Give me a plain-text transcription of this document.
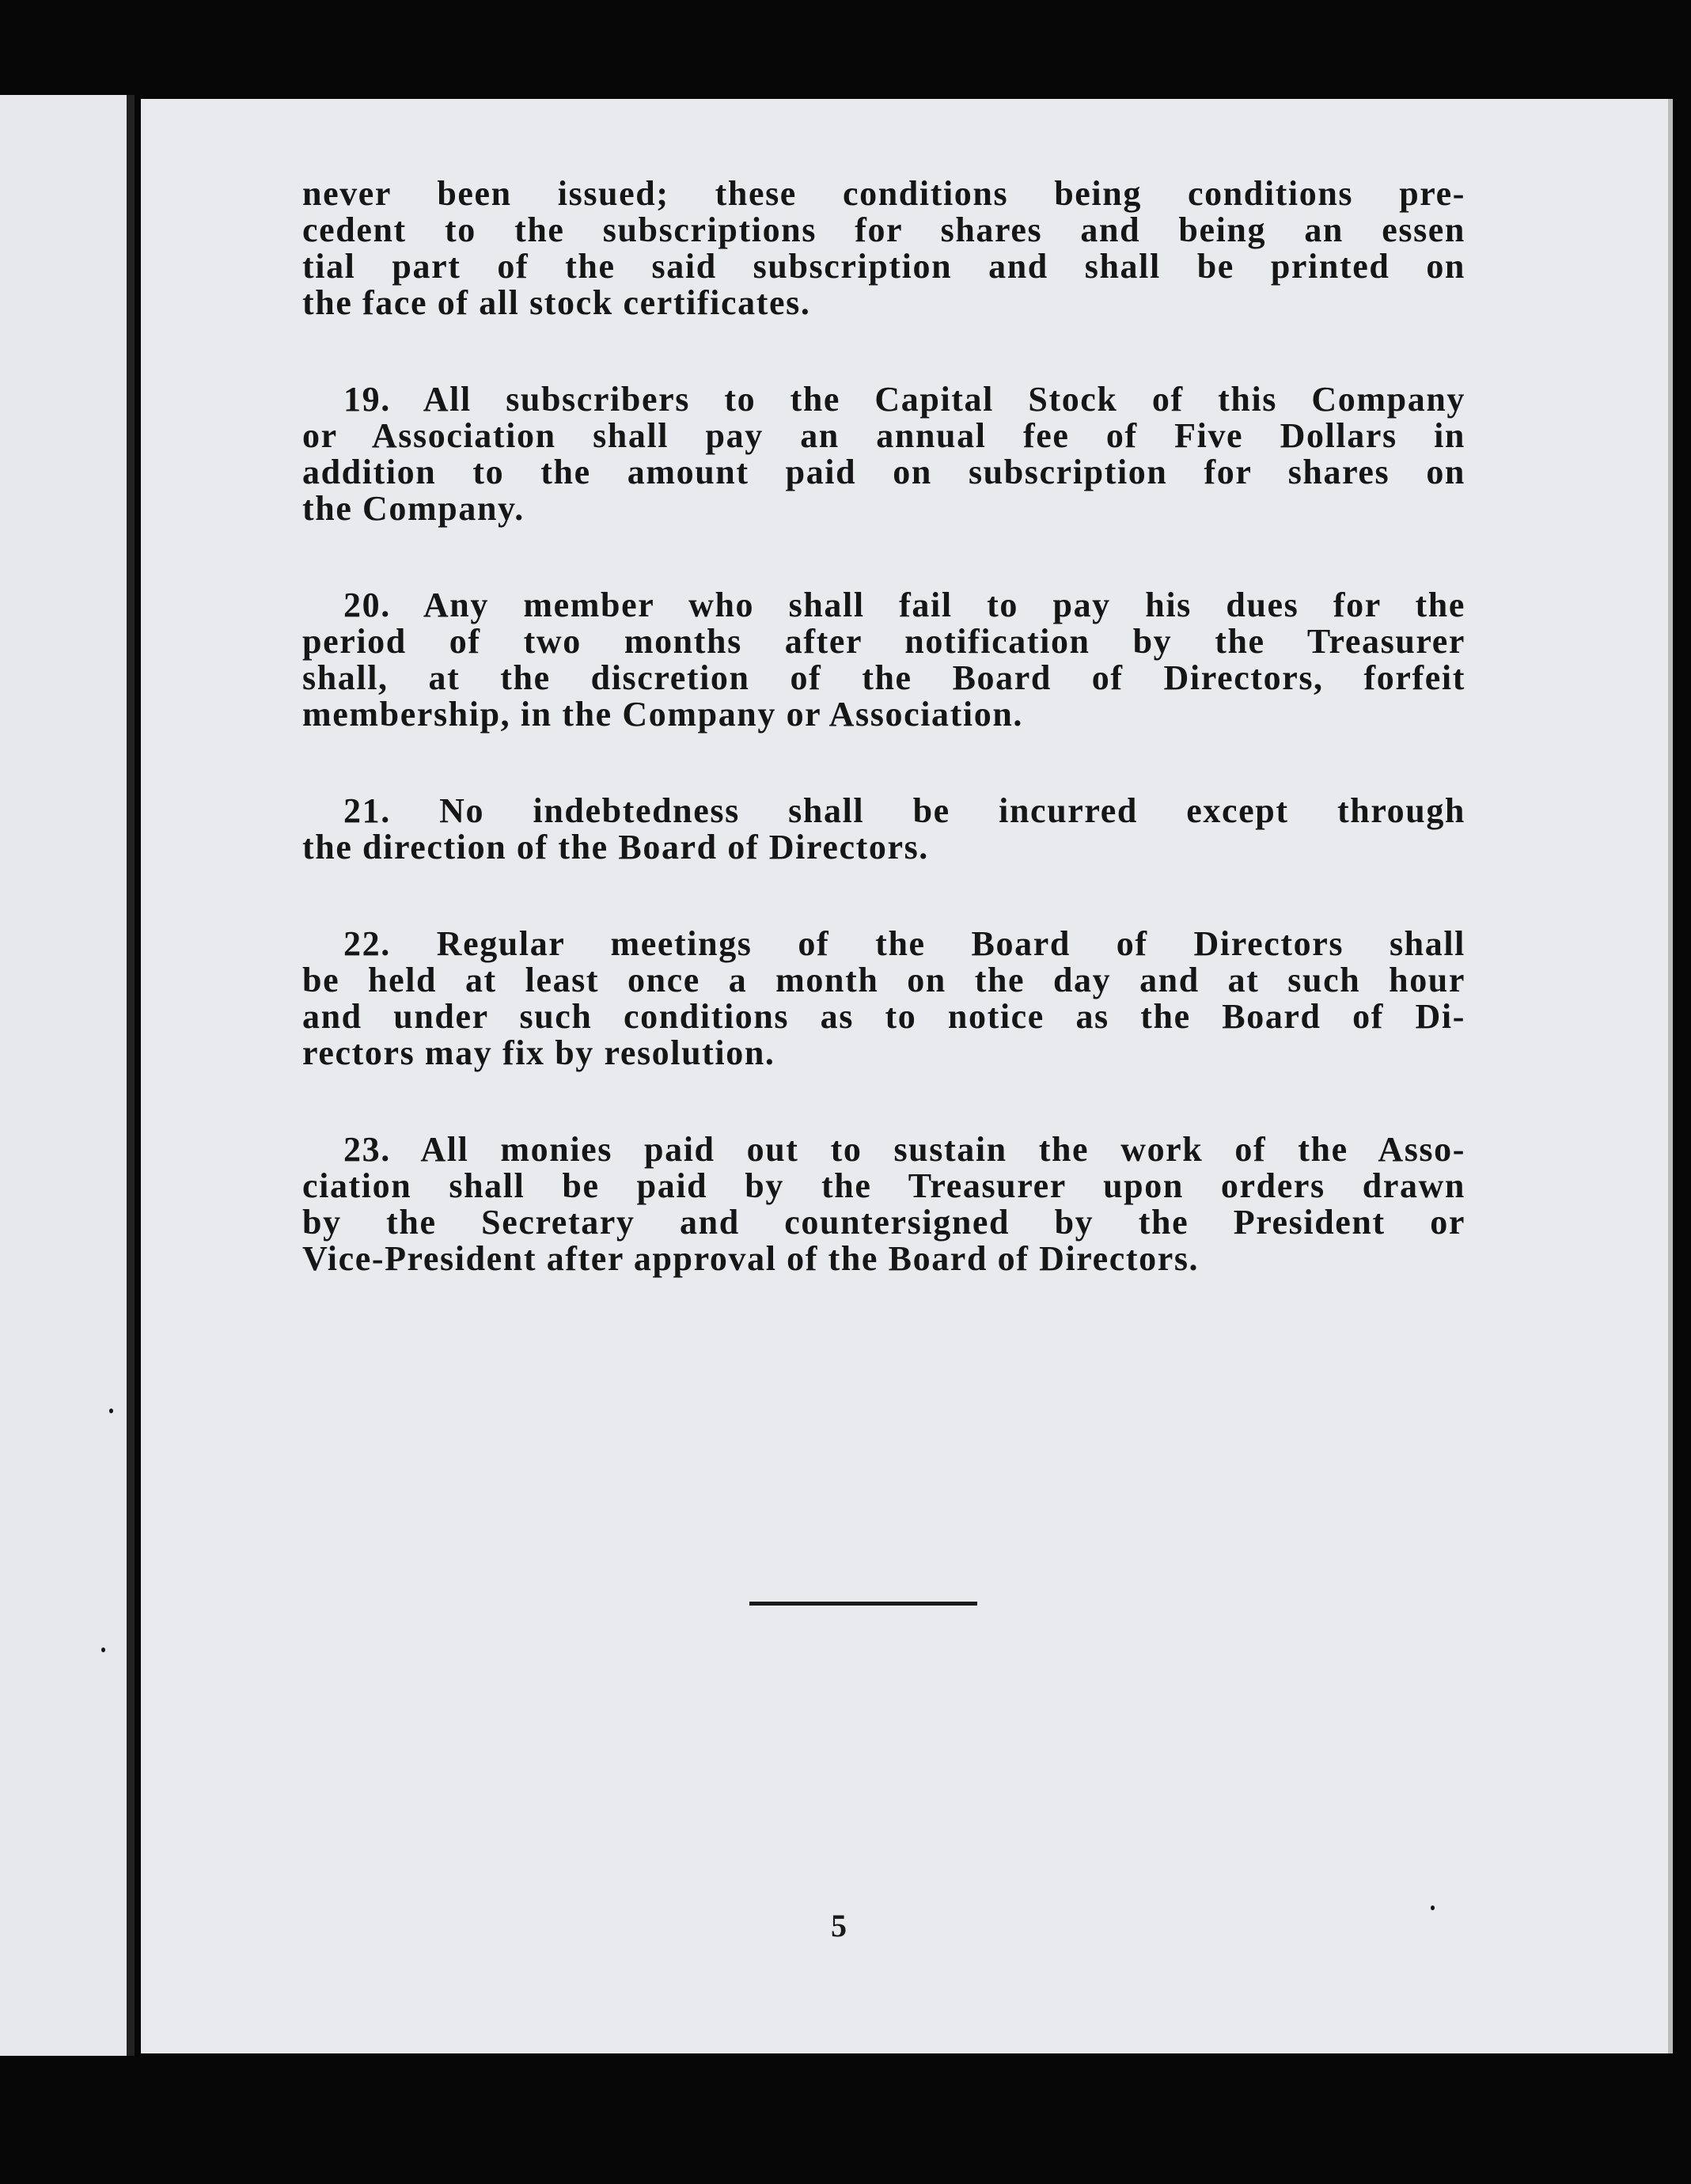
never been issued; these conditions being conditions pre-
cedent to the subscriptions for shares and being an essen
tial part of the said subscription and shall be printed on
the face of all stock certificates.
19. All subscribers to the Capital Stock of this Company
or Association shall pay an annual fee of Five Dollars in
addition to the amount paid on subscription for shares on
the Company.
20. Any member who shall fail to pay his dues for the
period of two months after notification by the Treasurer
shall, at the discretion of the Board of Directors, forfeit
membership, in the Company or Association.
21. No indebtedness shall be incurred except through
the direction of the Board of Directors.
22. Regular meetings of the Board of Directors shall
be held at least once a month on the day and at such hour
and under such conditions as to notice as the Board of Di-
rectors may fix by resolution.
23. All monies paid out to sustain the work of the Asso-
ciation shall be paid by the Treasurer upon orders drawn
by the Secretary and countersigned by the President or
Vice-President after approval of the Board of Directors.
5
